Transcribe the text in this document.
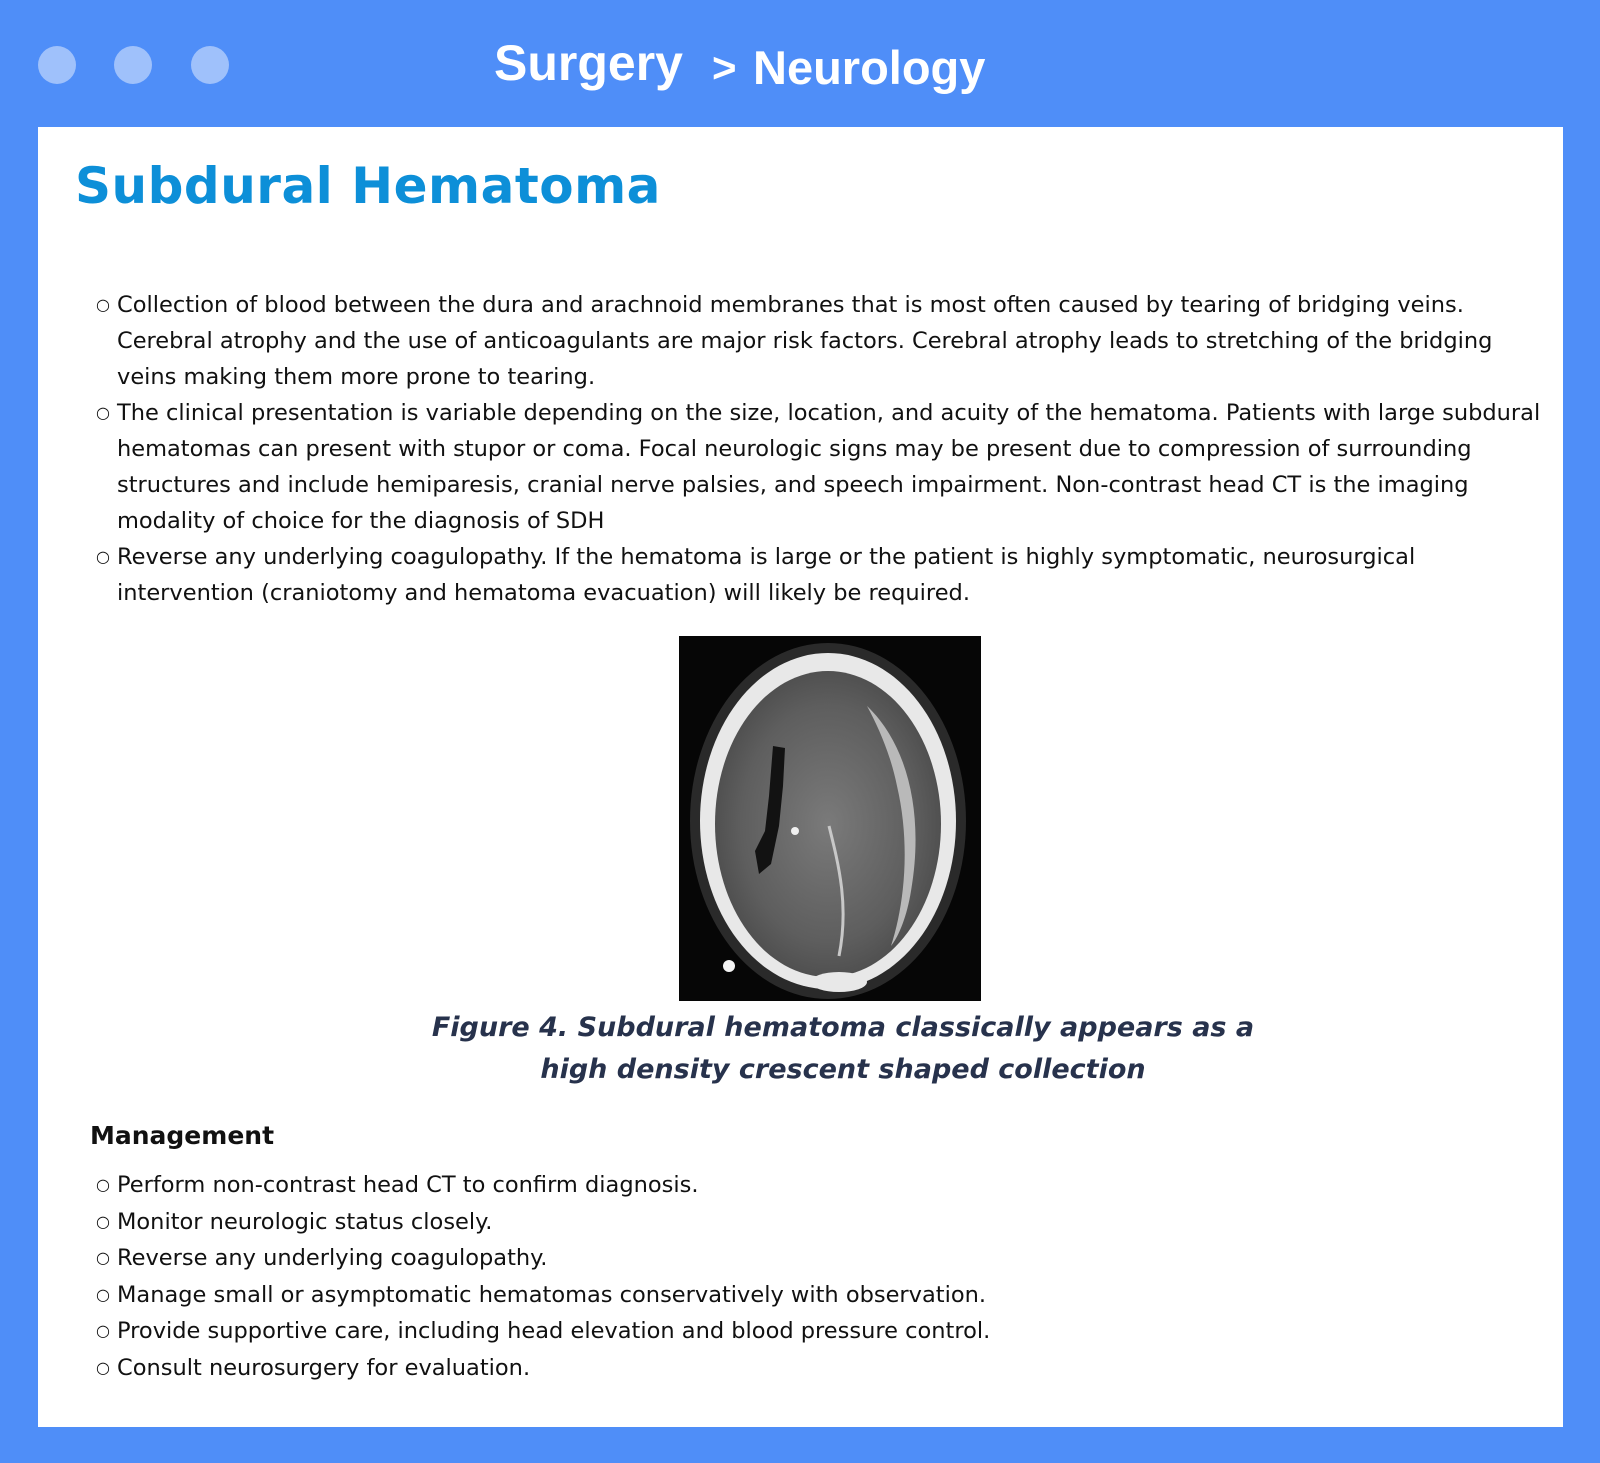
Surgery > Neurology
Subdural Hematoma
○ Collection of blood between the dura and arachnoid membranes that is most often caused by tearing of bridging veins. Cerebral atrophy and the use of anticoagulants are major risk factors. Cerebral atrophy leads to stretching of the bridging veins making them more prone to tearing.
○ The clinical presentation is variable depending on the size, location, and acuity of the hematoma. Patients with large subdural hematomas can present with stupor or coma. Focal neurologic signs may be present due to compression of surrounding structures and include hemiparesis, cranial nerve palsies, and speech impairment. Non-contrast head CT is the imaging modality of choice for the diagnosis of SDH
○ Reverse any underlying coagulopathy. If the hematoma is large or the patient is highly symptomatic, neurosurgical intervention (craniotomy and hematoma evacuation) will likely be required.
Figure 4. Subdural hematoma classically appears as a
high density crescent shaped collection
Management
○ Perform non-contrast head CT to confirm diagnosis.
○ Monitor neurologic status closely.
○ Reverse any underlying coagulopathy.
○ Manage small or asymptomatic hematomas conservatively with observation.
○ Provide supportive care, including head elevation and blood pressure control.
○ Consult neurosurgery for evaluation.
